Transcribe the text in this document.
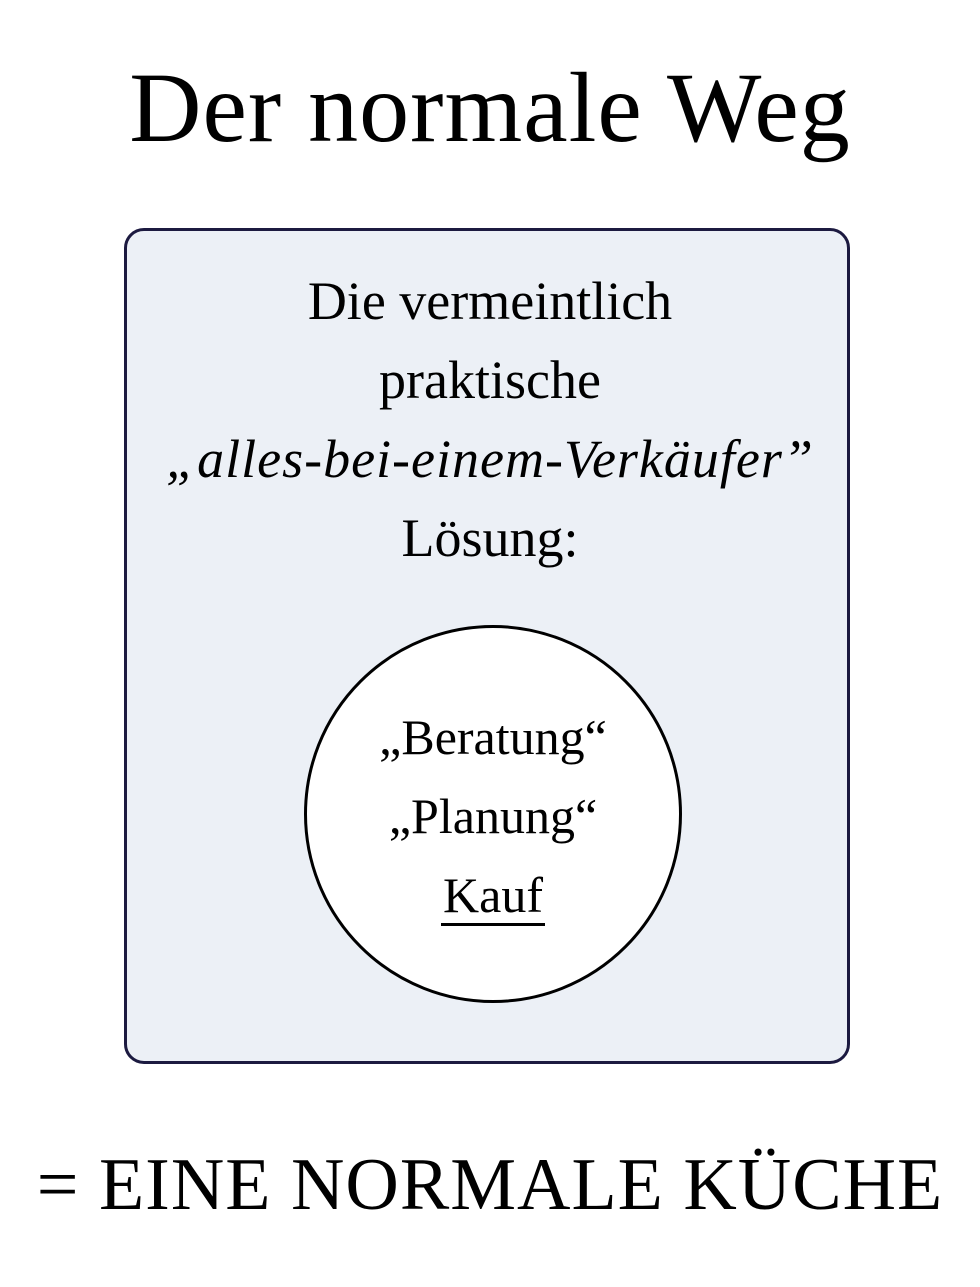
Der normale Weg
Die vermeintlich
praktische
„alles-bei-einem-Verkäufer”
Lösung:
„Beratung“
„Planung“
Kauf
= EINE NORMALE KÜCHE
